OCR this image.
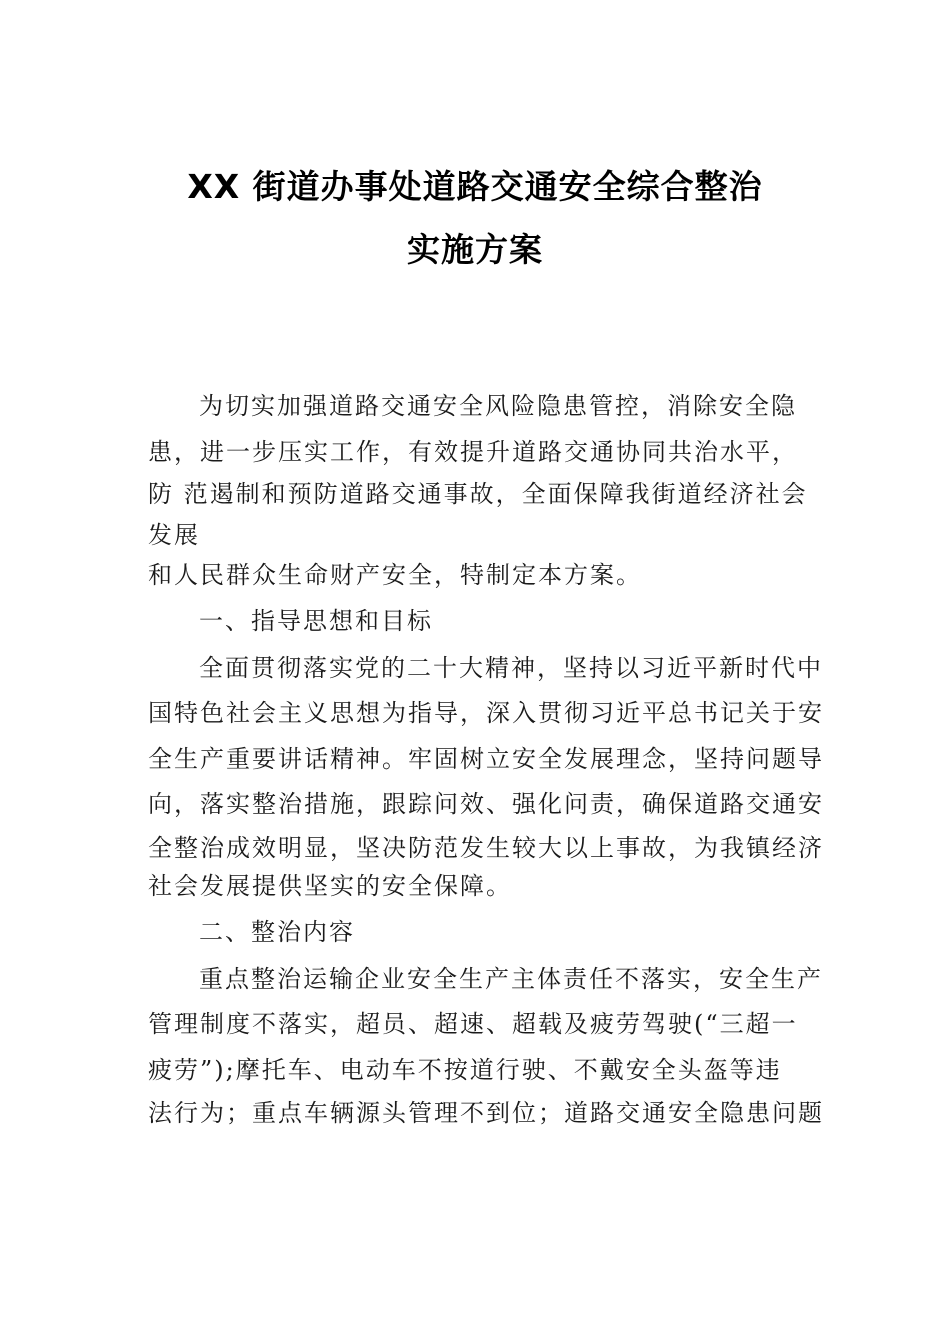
XX 街道办事处道路交通安全综合整治
实施方案
为切实加强道路交通安全风险隐患管控，消除安全隐
患，进一步压实工作，有效提升道路交通协同共治水平，
防 范遏制和预防道路交通事故，全面保障我街道经济社会
发展
和人民群众生命财产安全，特制定本方案。
一、指导思想和目标
全面贯彻落实党的二十大精神，坚持以习近平新时代中
国特色社会主义思想为指导，深入贯彻习近平总书记关于安
全生产重要讲话精神。牢固树立安全发展理念，坚持问题导
向，落实整治措施，跟踪问效、强化问责，确保道路交通安
全整治成效明显，坚决防范发生较大以上事故，为我镇经济
社会发展提供坚实的安全保障。
二、整治内容
重点整治运输企业安全生产主体责任不落实，安全生产
管理制度不落实，超员、超速、超载及疲劳驾驶(“三超一
疲劳”);摩托车、电动车不按道行驶、不戴安全头盔等违
法行为；重点车辆源头管理不到位；道路交通安全隐患问题
